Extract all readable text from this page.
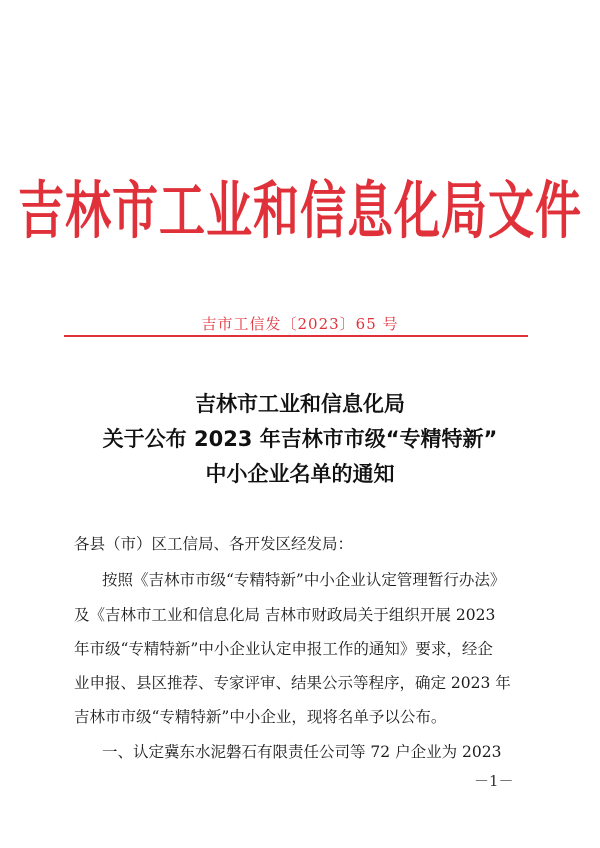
吉林市工业和信息化局文件
吉市工信发〔2023〕65 号
吉林市工业和信息化局
关于公布 2023 年吉林市市级“专精特新”
中小企业名单的通知
各县（市）区工信局、各开发区经发局：
按照《吉林市市级“专精特新”中小企业认定管理暂行办法》
及《吉林市工业和信息化局 吉林市财政局关于组织开展 2023
年市级“专精特新”中小企业认定申报工作的通知》要求，经企
业申报、县区推荐、专家评审、结果公示等程序，确定 2023 年
吉林市市级“专精特新”中小企业，现将名单予以公布。
一、认定冀东水泥磐石有限责任公司等 72 户企业为 2023
－1－
